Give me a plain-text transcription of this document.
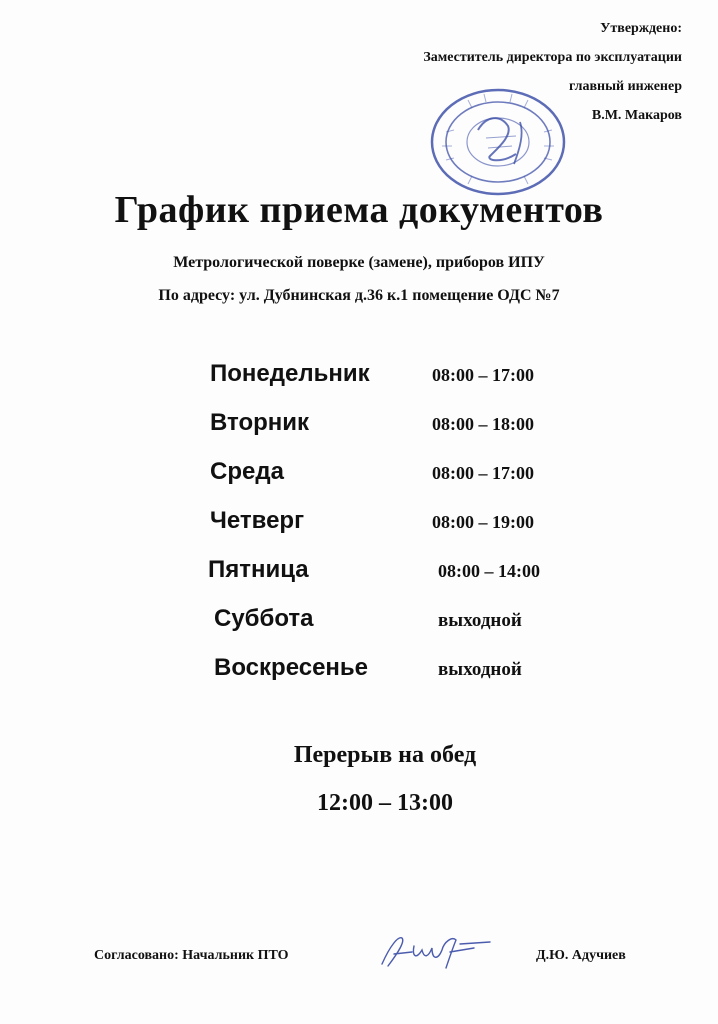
Утверждено:
Заместитель директора по эксплуатации
главный инженер
В.М. Макаров
График приема документов
Метрологической поверке (замене), приборов ИПУ
По адресу: ул. Дубнинская д.36 к.1 помещение ОДС №7
Понедельник	08:00 – 17:00
Вторник	08:00 – 18:00
Среда	08:00 – 17:00
Четверг	08:00 – 19:00
Пятница	08:00 – 14:00
Суббота	выходной
Воскресенье	выходной
Перерыв на обед
12:00 – 13:00
Согласовано: Начальник ПТО	Д.Ю. Адучиев
